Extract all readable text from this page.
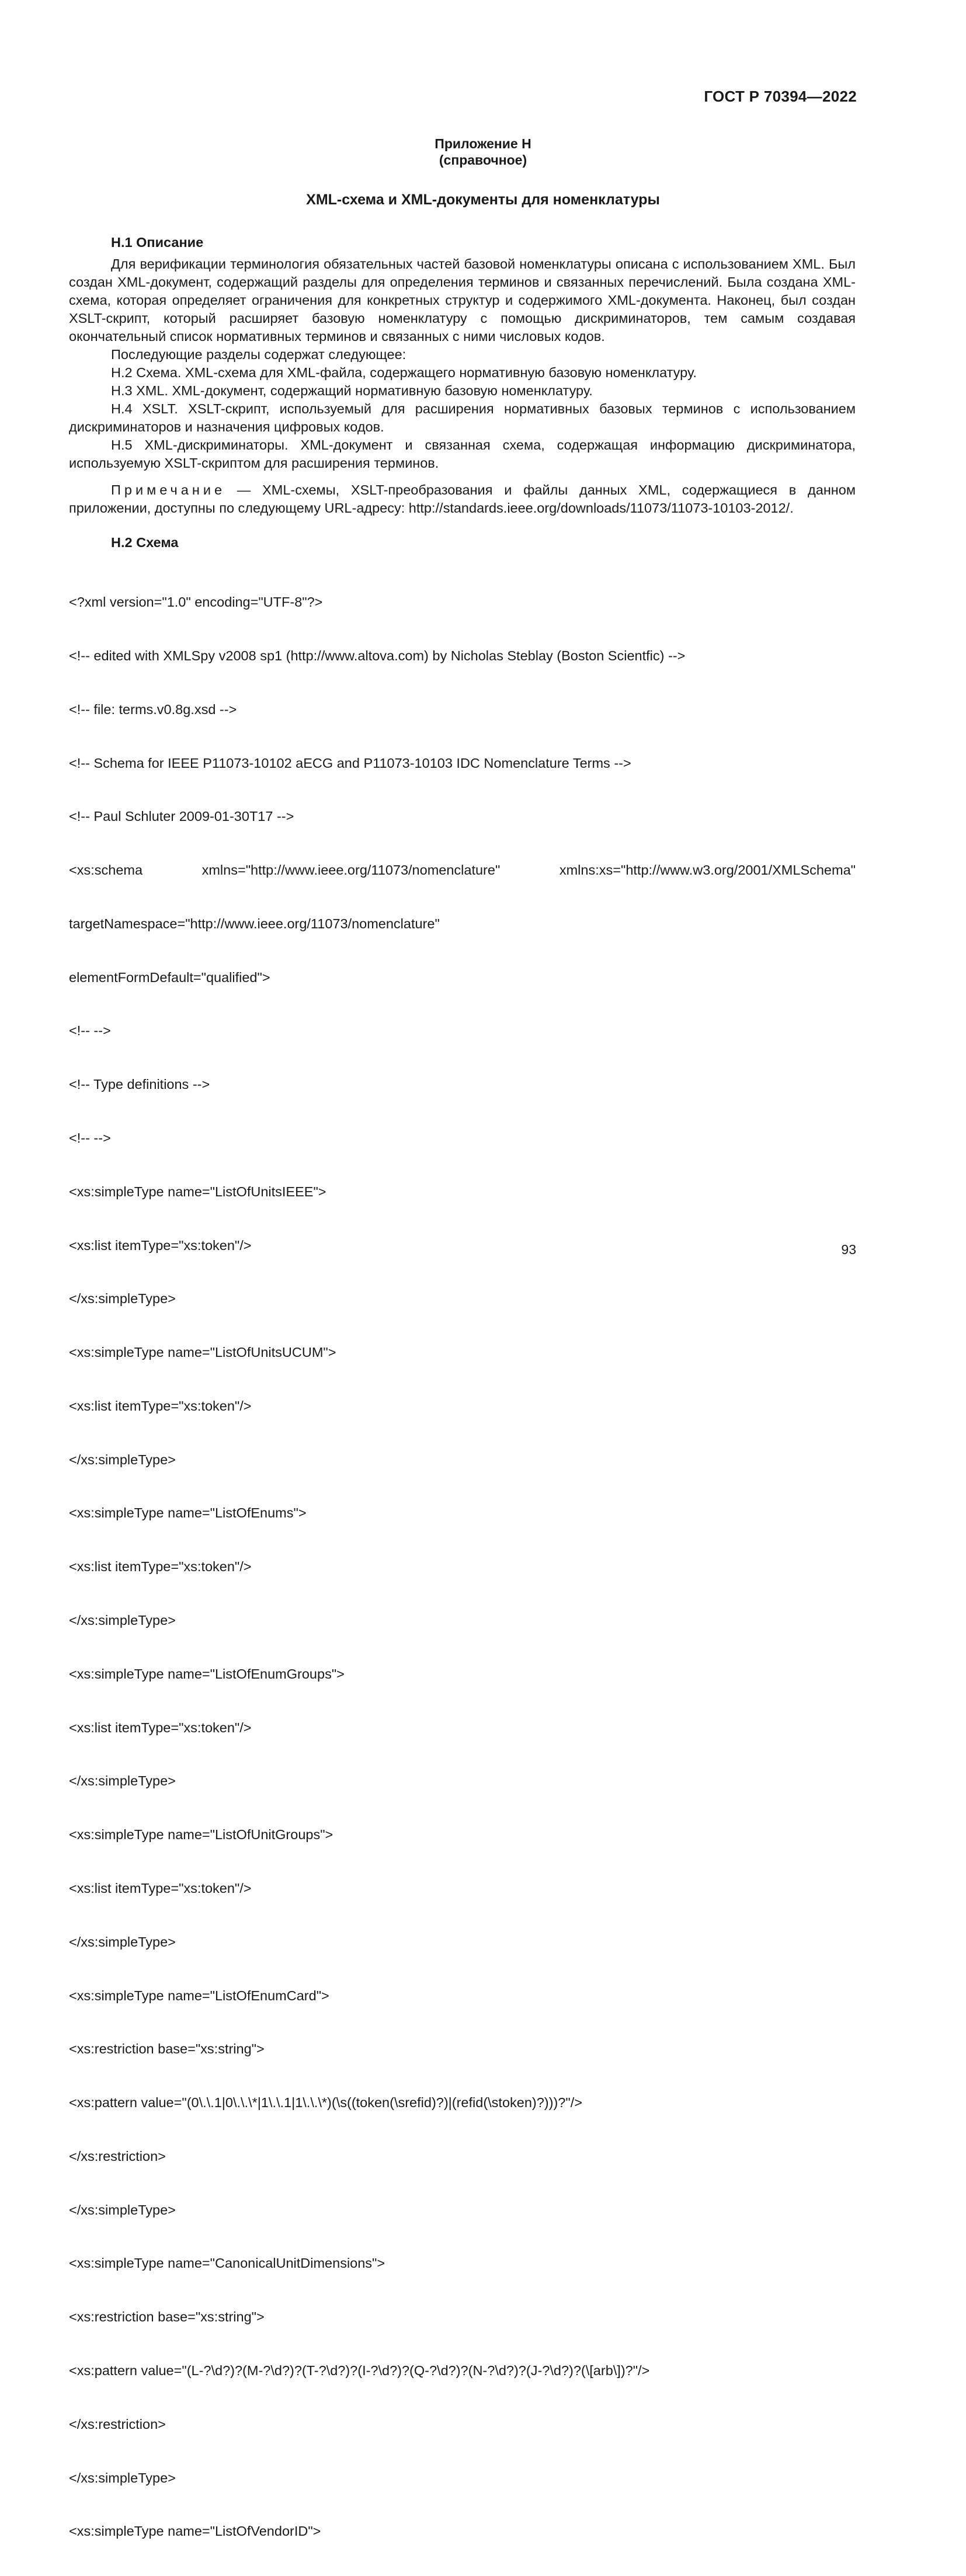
ГОСТ Р 70394—2022
Приложение Н
(справочное)
XML-схема и XML-документы для номенклатуры
Н.1 Описание
Для верификации терминология обязательных частей базовой номенклатуры описана с использованием XML. Был создан XML-документ, содержащий разделы для определения терминов и связанных перечислений. Была создана XML-схема, которая определяет ограничения для конкретных структур и содержимого XML-документа. Наконец, был создан XSLT-скрипт, который расширяет базовую номенклатуру с помощью дискриминаторов, тем самым создавая окончательный список нормативных терминов и связанных с ними числовых кодов.
Последующие разделы содержат следующее:
Н.2 Схема. XML-схема для XML-файла, содержащего нормативную базовую номенклатуру.
Н.3 XML. XML-документ, содержащий нормативную базовую номенклатуру.
Н.4 XSLT. XSLT-скрипт, используемый для расширения нормативных базовых терминов с использованием дискриминаторов и назначения цифровых кодов.
Н.5 XML-дискриминаторы. XML-документ и связанная схема, содержащая информацию дискриминатора, используемую XSLT-скриптом для расширения терминов.
Примечание — XML-схемы, XSLT-преобразования и файлы данных XML, содержащиеся в данном приложении, доступны по следующему URL-адресу: http://standards.ieee.org/downloads/11073/11073-10103-2012/.
Н.2 Схема

<?xml version="1.0" encoding="UTF-8"?>

<!-- edited with XMLSpy v2008 sp1 (http://www.altova.com) by Nicholas Steblay (Boston Scientfic) -->

<!-- file: terms.v0.8g.xsd -->

<!-- Schema for IEEE P11073-10102 aECG and P11073-10103 IDC Nomenclature Terms -->

<!-- Paul Schluter 2009-01-30T17 -->

<xs:schema	xmlns="http://www.ieee.org/11073/nomenclature"	xmlns:xs="http://www.w3.org/2001/XMLSchema"

targetNamespace="http://www.ieee.org/11073/nomenclature"

elementFormDefault="qualified">

<!-- -->

<!-- Type definitions -->

<!-- -->

<xs:simpleType name="ListOfUnitsIEEE">

<xs:list itemType="xs:token"/>

</xs:simpleType>

<xs:simpleType name="ListOfUnitsUCUM">

<xs:list itemType="xs:token"/>

</xs:simpleType>

<xs:simpleType name="ListOfEnums">

<xs:list itemType="xs:token"/>

</xs:simpleType>

<xs:simpleType name="ListOfEnumGroups">

<xs:list itemType="xs:token"/>

</xs:simpleType>

<xs:simpleType name="ListOfUnitGroups">

<xs:list itemType="xs:token"/>

</xs:simpleType>

<xs:simpleType name="ListOfEnumCard">

<xs:restriction base="xs:string">

<xs:pattern value="(0\.\.1|0\.\.\*|1\.\.1|1\.\.\*)(\s((token(\srefid)?)|(refid(\stoken)?)))?"/>

</xs:restriction>

</xs:simpleType>

<xs:simpleType name="CanonicalUnitDimensions">

<xs:restriction base="xs:string">

<xs:pattern value="(L-?\d?)?(M-?\d?)?(T-?\d?)?(I-?\d?)?(Q-?\d?)?(N-?\d?)?(J-?\d?)?(\[arb\])?"/>

</xs:restriction>

</xs:simpleType>

<xs:simpleType name="ListOfVendorID">

93
